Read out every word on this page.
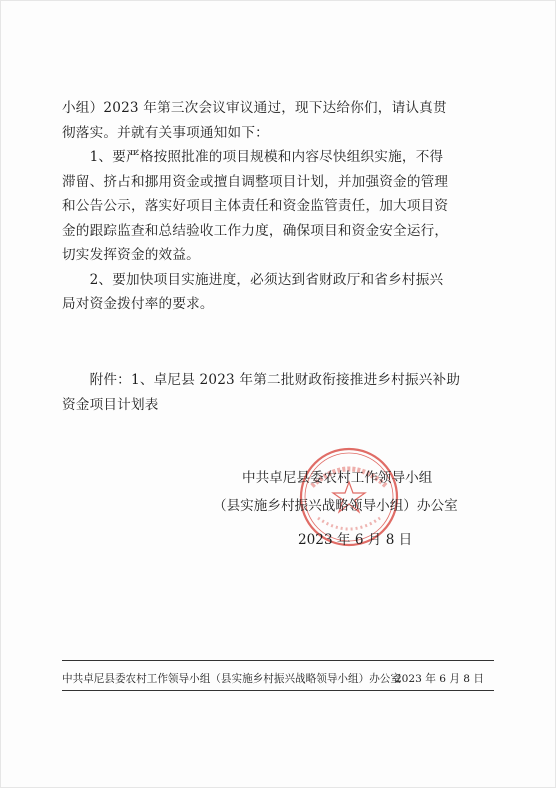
小组）2023 年第三次会议审议通过，现下达给你们，请认真贯
彻落实。并就有关事项通知如下：
　　1、要严格按照批准的项目规模和内容尽快组织实施，不得
滞留、挤占和挪用资金或擅自调整项目计划，并加强资金的管理
和公告公示，落实好项目主体责任和资金监管责任，加大项目资
金的跟踪监查和总结验收工作力度，确保项目和资金安全运行，
切实发挥资金的效益。
　　2、要加快项目实施进度，必须达到省财政厅和省乡村振兴
局对资金拨付率的要求。
　　附件：1、卓尼县 2023 年第二批财政衔接推进乡村振兴补助
资金项目计划表
中共卓尼县委农村工作领导小组
（县实施乡村振兴战略领导小组）办公室
2023 年 6 月 8 日
中共卓尼县委农村工作领导小组（县实施乡村振兴战略领导小组）办公室
2023 年 6 月 8 日
